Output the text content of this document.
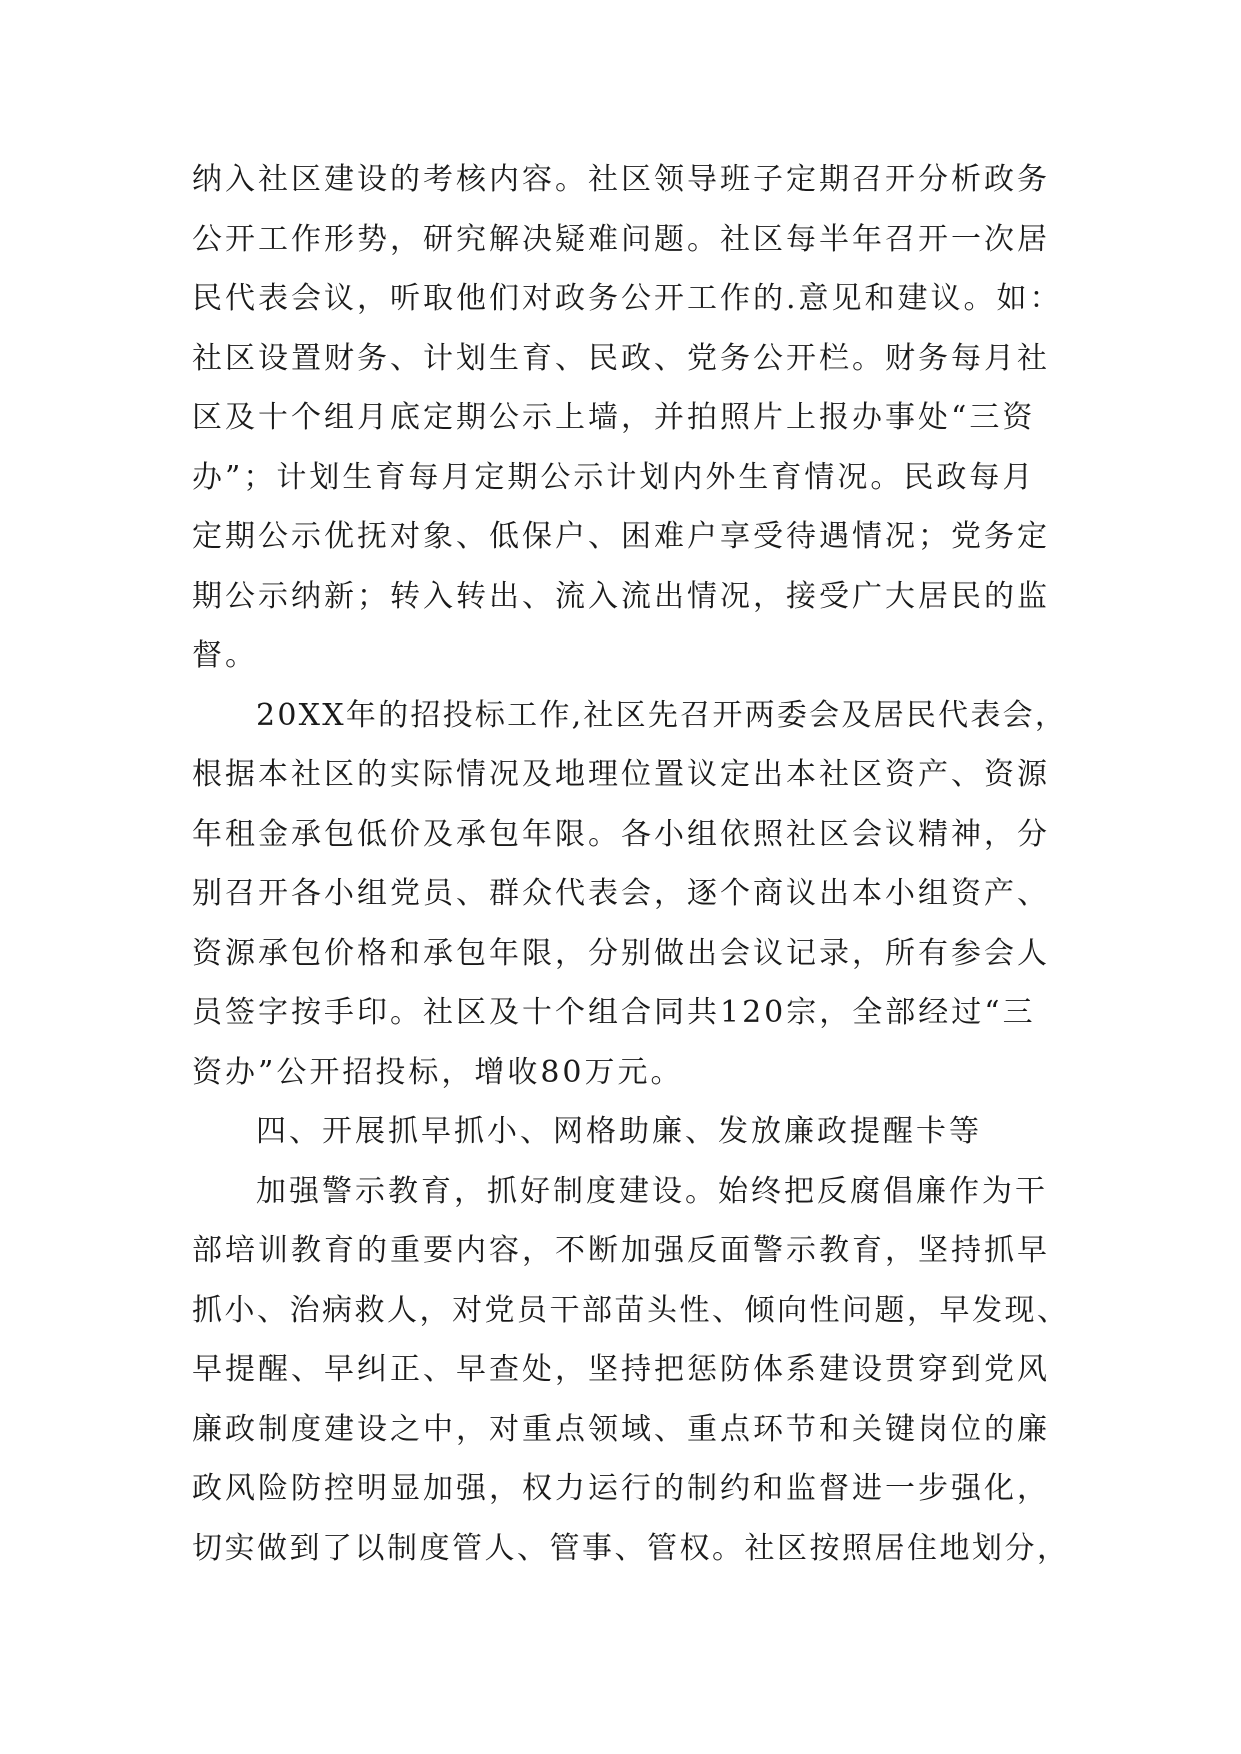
纳入社区建设的考核内容。社区领导班子定期召开分析政务
公开工作形势，研究解决疑难问题。社区每半年召开一次居
民代表会议，听取他们对政务公开工作的.意见和建议。如：
社区设置财务、计划生育、民政、党务公开栏。财务每月社
区及十个组月底定期公示上墙，并拍照片上报办事处“三资
办”；计划生育每月定期公示计划内外生育情况。民政每月
定期公示优抚对象、低保户、困难户享受待遇情况；党务定
期公示纳新；转入转出、流入流出情况，接受广大居民的监
督。
20XX年的招投标工作,社区先召开两委会及居民代表会，
根据本社区的实际情况及地理位置议定出本社区资产、资源
年租金承包低价及承包年限。各小组依照社区会议精神，分
别召开各小组党员、群众代表会，逐个商议出本小组资产、
资源承包价格和承包年限，分别做出会议记录，所有参会人
员签字按手印。社区及十个组合同共120宗，全部经过“三
资办”公开招投标，增收80万元。
四、开展抓早抓小、网格助廉、发放廉政提醒卡等
加强警示教育，抓好制度建设。始终把反腐倡廉作为干
部培训教育的重要内容，不断加强反面警示教育，坚持抓早
抓小、治病救人，对党员干部苗头性、倾向性问题，早发现、
早提醒、早纠正、早查处，坚持把惩防体系建设贯穿到党风
廉政制度建设之中，对重点领域、重点环节和关键岗位的廉
政风险防控明显加强，权力运行的制约和监督进一步强化，
切实做到了以制度管人、管事、管权。社区按照居住地划分，
